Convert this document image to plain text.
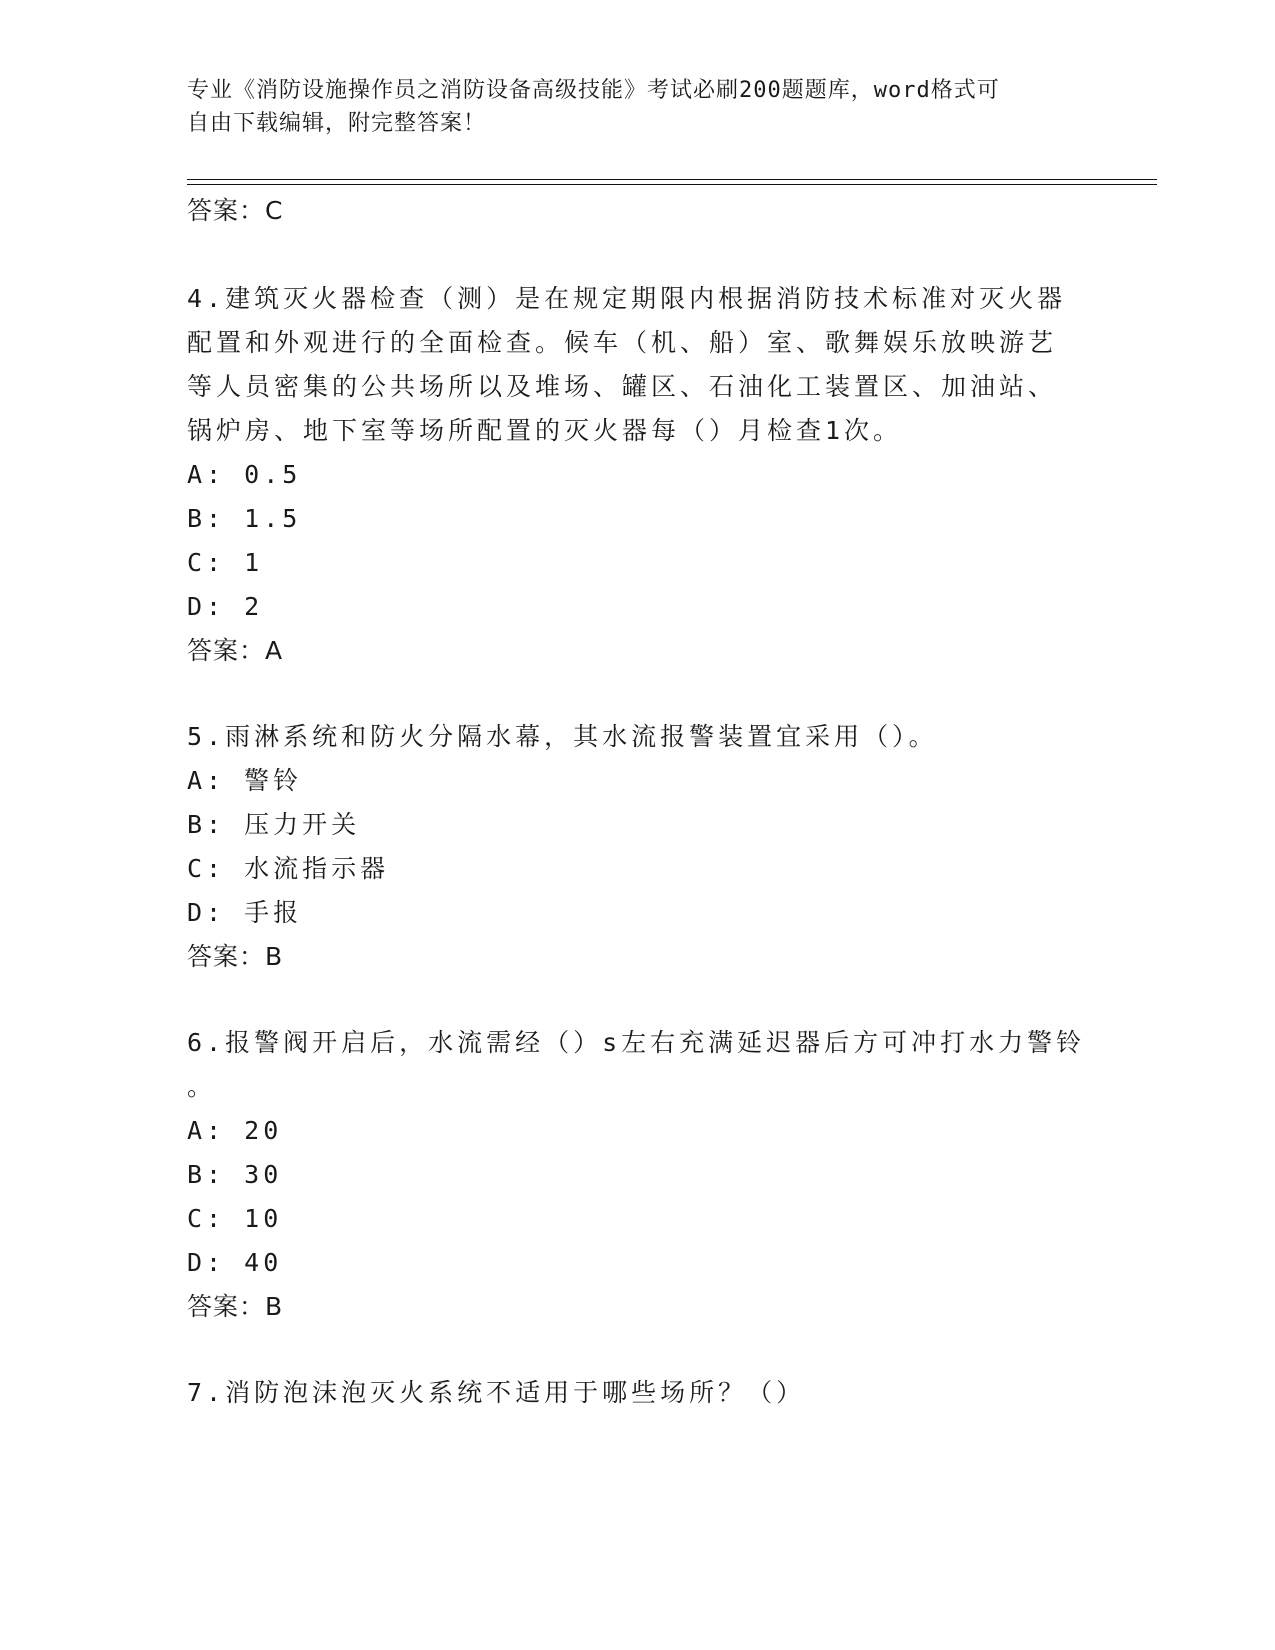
专业《消防设施操作员之消防设备高级技能》考试必刷200题题库，word格式可
自由下载编辑，附完整答案！
答案：C
4.建筑灭火器检查（测）是在规定期限内根据消防技术标准对灭火器
配置和外观进行的全面检查。候车（机、船）室、歌舞娱乐放映游艺
等人员密集的公共场所以及堆场、罐区、石油化工装置区、加油站、
锅炉房、地下室等场所配置的灭火器每（）月检查1次。
A: 0.5
B: 1.5
C: 1
D: 2
答案：A
5.雨淋系统和防火分隔水幕，其水流报警装置宜采用（）。
A: 警铃
B: 压力开关
C: 水流指示器
D: 手报
答案：B
6.报警阀开启后，水流需经（）s左右充满延迟器后方可冲打水力警铃
。
A: 20
B: 30
C: 10
D: 40
答案：B
7.消防泡沫泡灭火系统不适用于哪些场所？（）
